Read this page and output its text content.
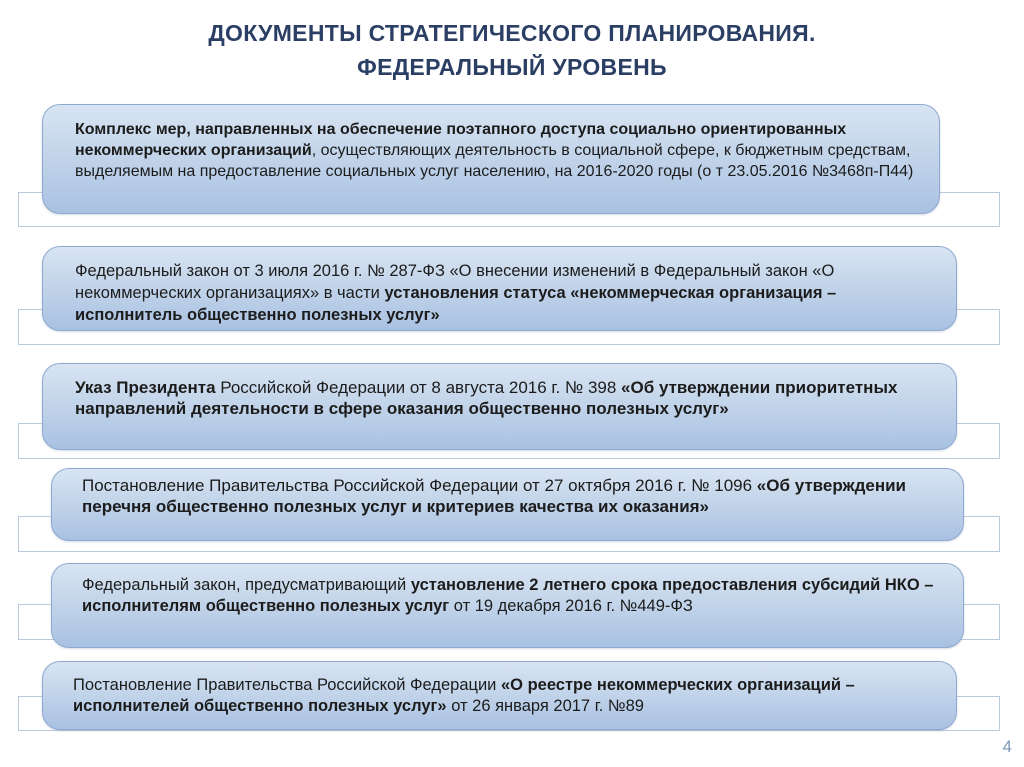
ДОКУМЕНТЫ СТРАТЕГИЧЕСКОГО ПЛАНИРОВАНИЯ.
ФЕДЕРАЛЬНЫЙ УРОВЕНЬ

Комплекс мер, направленных на обеспечение поэтапного доступа социально ориентированных некоммерческих организаций, осуществляющих деятельность в социальной сфере, к бюджетным средствам, выделяемым на предоставление социальных услуг населению, на 2016-2020 годы (о т 23.05.2016 №3468п-П44)

Федеральный закон от 3 июля 2016 г. № 287-ФЗ «О внесении изменений в Федеральный закон «О некоммерческих организациях» в части установления статуса «некоммерческая организация – исполнитель общественно полезных услуг»

Указ Президента Российской Федерации от 8 августа 2016 г. № 398 «Об утверждении приоритетных направлений деятельности в сфере оказания общественно полезных услуг»

Постановление Правительства Российской Федерации от 27 октября 2016 г. № 1096 «Об утверждении перечня общественно полезных услуг и критериев качества их оказания»

Федеральный закон, предусматривающий установление 2 летнего срока предоставления субсидий НКО – исполнителям общественно полезных услуг от 19 декабря 2016 г. №449-ФЗ

Постановление Правительства Российской Федерации «О реестре некоммерческих организаций – исполнителей общественно полезных услуг» от 26 января 2017 г. №89

4
